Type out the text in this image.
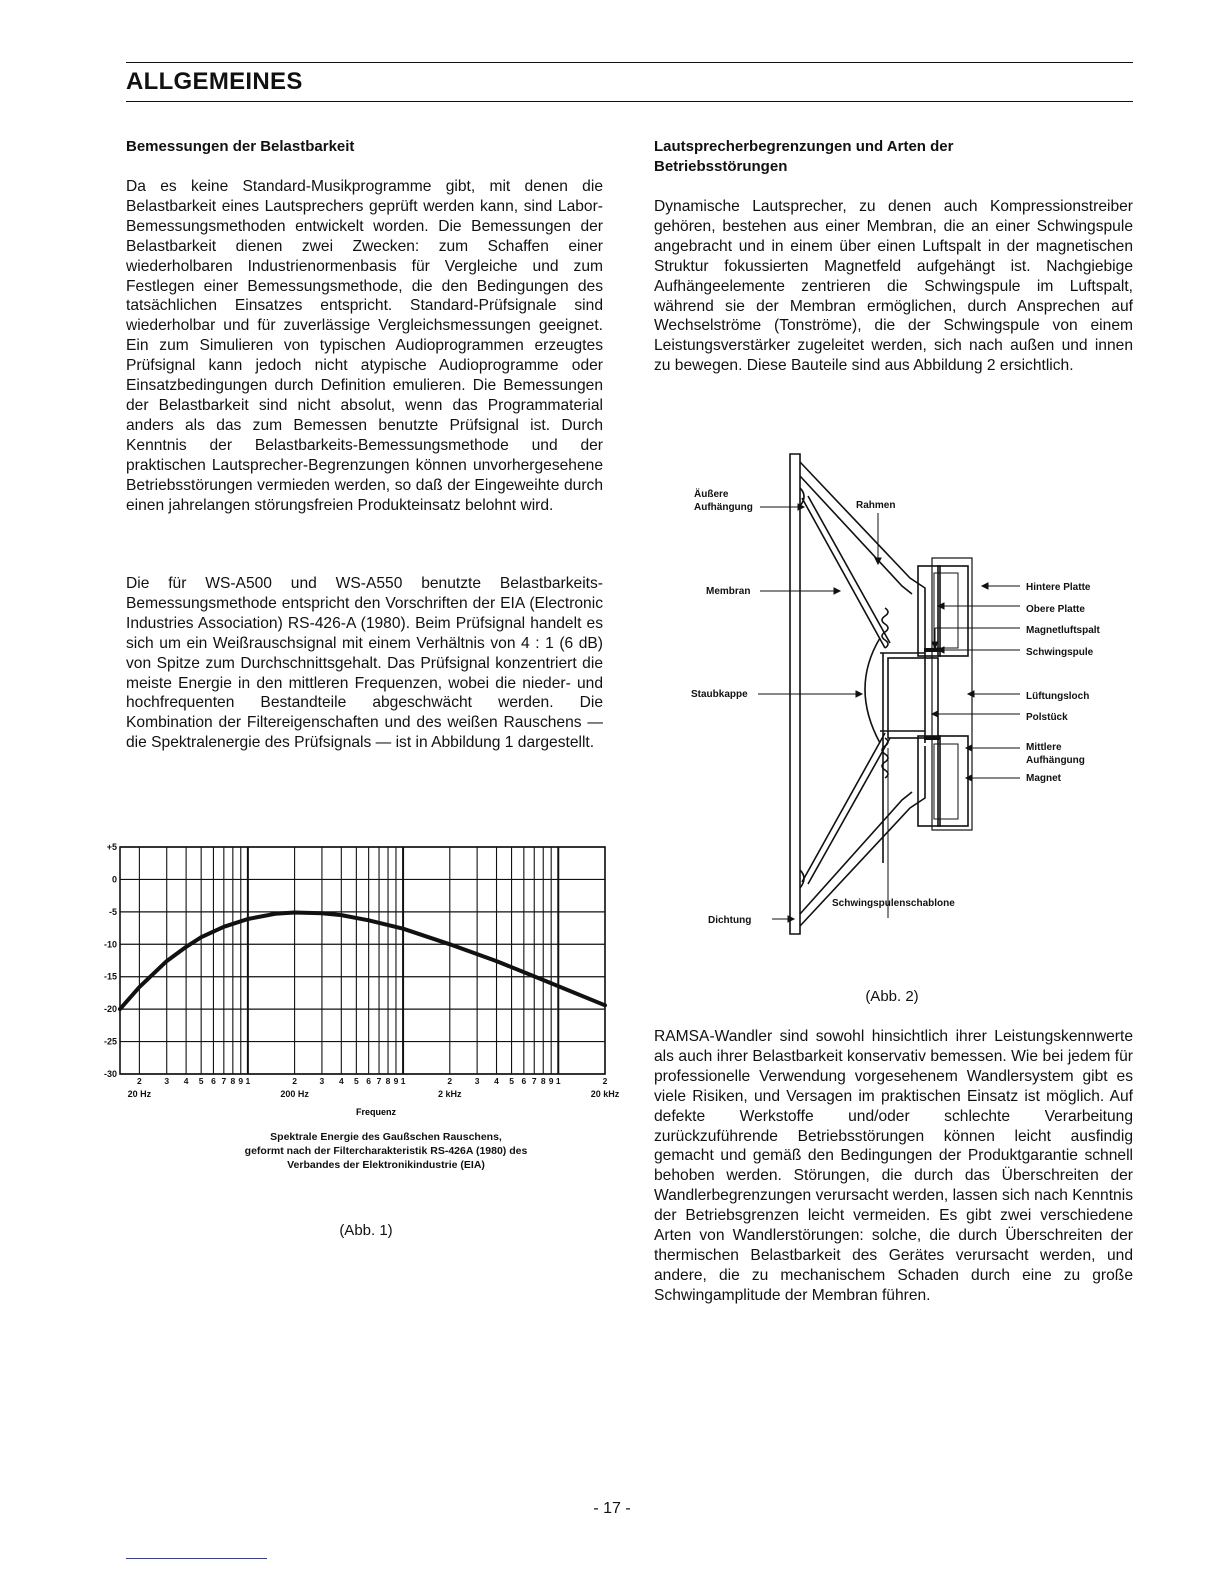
ALLGEMEINES
Bemessungen der Belastbarkeit

Da es keine Standard-Musikprogramme gibt, mit denen die Belastbarkeit eines Lautsprechers geprüft werden kann, sind Labor-Bemessungsmethoden entwickelt worden. Die Bemessungen der Belastbarkeit dienen zwei Zwecken: zum Schaffen einer wiederholbaren Industrienormenbasis für Vergleiche und zum Festlegen einer Bemessungsmethode, die den Bedingungen des tatsächlichen Einsatzes entspricht. Standard-Prüfsignale sind wiederholbar und für zuverlässige Vergleichsmessungen geeignet. Ein zum Simulieren von typischen Audioprogrammen erzeugtes Prüfsignal kann jedoch nicht atypische Audioprogramme oder Einsatzbedingungen durch Definition emulieren. Die Bemessungen der Belastbarkeit sind nicht absolut, wenn das Programmaterial anders als das zum Bemessen benutzte Prüfsignal ist. Durch Kenntnis der Belastbarkeits-Bemessungsmethode und der praktischen Lautsprecher-Begrenzungen können unvorhergesehene Betriebsstörungen vermieden werden, so daß der Eingeweihte durch einen jahrelangen störungsfreien Produkteinsatz belohnt wird.

Die für WS-A500 und WS-A550 benutzte Belastbarkeits-Bemessungsmethode entspricht den Vorschriften der EIA (Electronic Industries Association) RS-426-A (1980). Beim Prüfsignal handelt es sich um ein Weißrauschsignal mit einem Verhältnis von 4 : 1 (6 dB) von Spitze zum Durchschnittsgehalt. Das Prüfsignal konzentriert die meiste Energie in den mittleren Frequenzen, wobei die nieder- und hochfrequenten Bestandteile abgeschwächt werden. Die Kombination der Filtereigenschaften und des weißen Rauschens — die Spektralenergie des Prüfsignals — ist in Abbildung 1 dargestellt.

+5
0
-5
-10
-15
-20
-25
-30
2	3 4 5 6 7 8 9 1	2	3 4 5 6 7 8 9 1	2	3 4 5 6 7 8 9 1	2
20 Hz	200 Hz	2 kHz	20 kHz
Frequenz

Spektrale Energie des Gaußschen Rauschens,

geformt nach der Filtercharakteristik RS-426A (1980) des

Verbandes der Elektronikindustrie (EIA)

(Abb. 1)

Lautsprecherbegrenzungen und Arten der
Betriebsstörungen

Dynamische Lautsprecher, zu denen auch Kompressionstreiber gehören, bestehen aus einer Membran, die an einer Schwingspule angebracht und in einem über einen Luftspalt in der magnetischen Struktur fokussierten Magnetfeld aufgehängt ist. Nachgiebige Aufhängeelemente zentrieren die Schwingspule im Luftspalt, während sie der Membran ermöglichen, durch Ansprechen auf Wechselströme (Tonströme), die der Schwingspule von einem Leistungsverstärker zugeleitet werden, sich nach außen und innen zu bewegen. Diese Bauteile sind aus Abbildung 2 ersichtlich.

Äußere
Aufhängung	Rahmen
Membran
Staubkappe
Dichtung
Hintere Platte
Obere Platte
Magnetluftspalt
Schwingspule
Lüftungsloch
Polstück
Mittlere
Aufhängung
Magnet
Schwingspulenschablone

(Abb. 2)

RAMSA-Wandler sind sowohl hinsichtlich ihrer Leistungskennwerte als auch ihrer Belastbarkeit konservativ bemessen. Wie bei jedem für professionelle Verwendung vorgesehenem Wandlersystem gibt es viele Risiken, und Versagen im praktischen Einsatz ist möglich. Auf defekte Werkstoffe und/oder schlechte Verarbeitung zurückzuführende Betriebsstörungen können leicht ausfindig gemacht und gemäß den Bedingungen der Produktgarantie schnell behoben werden. Störungen, die durch das Überschreiten der Wandlerbegrenzungen verursacht werden, lassen sich nach Kenntnis der Betriebsgrenzen leicht vermeiden. Es gibt zwei verschiedene Arten von Wandlerstörungen: solche, die durch Überschreiten der thermischen Belastbarkeit des Gerätes verursacht werden, und andere, die zu mechanischem Schaden durch eine zu große Schwingamplitude der Membran führen.

- 17 -
